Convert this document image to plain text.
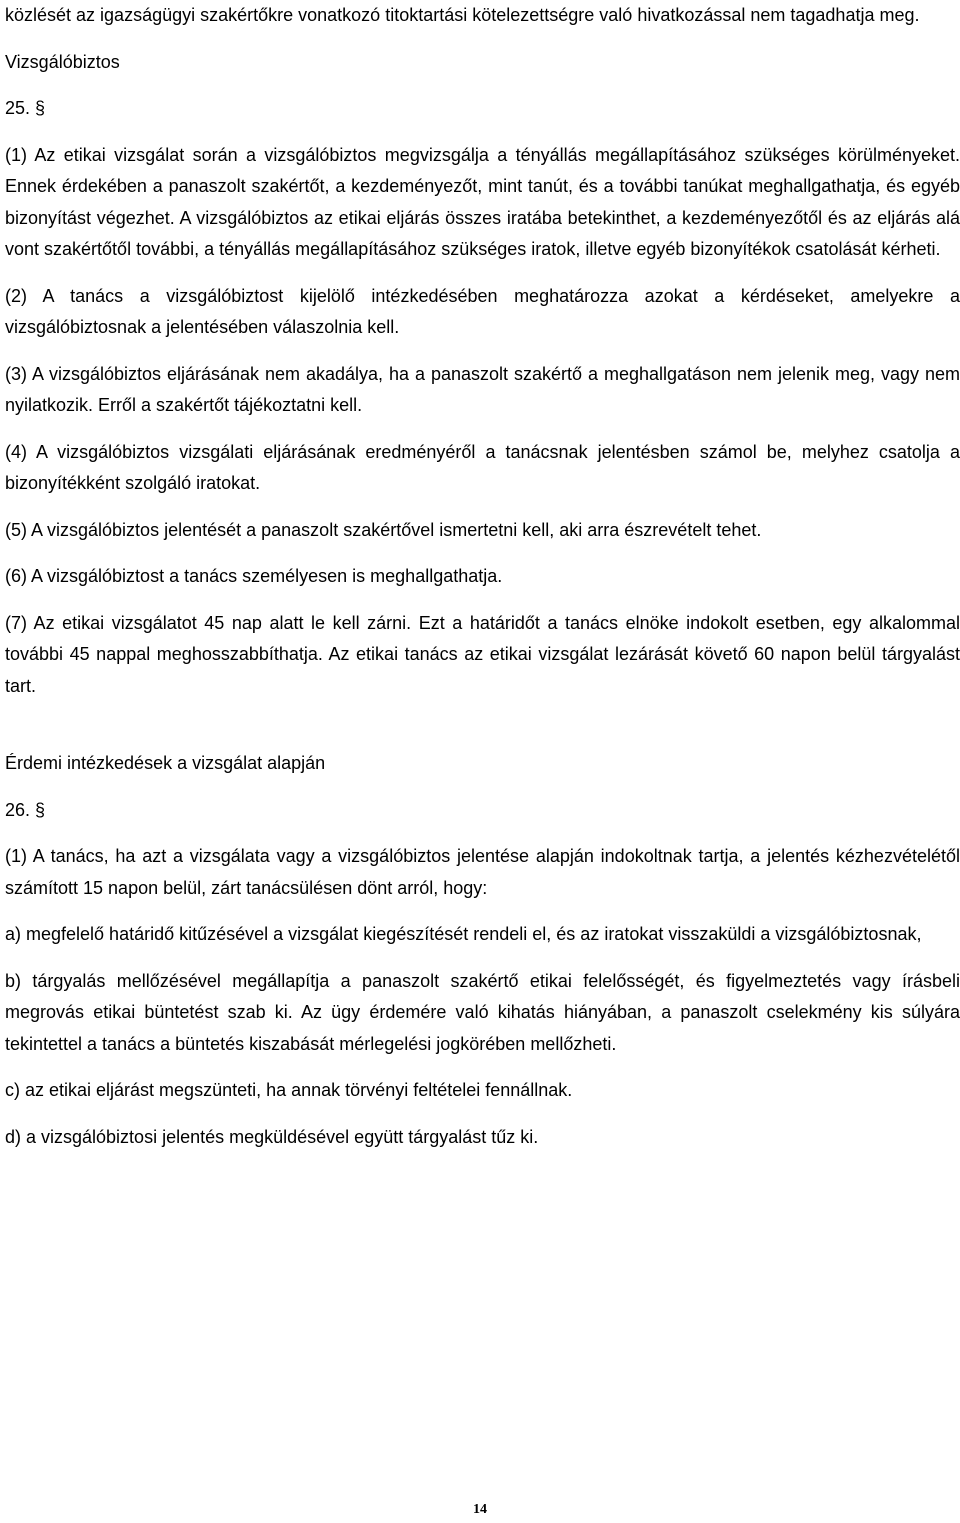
közlését az igazságügyi szakértőkre vonatkozó titoktartási kötelezettségre való hivatkozással nem tagadhatja meg.

Vizsgálóbiztos

25. §

(1) Az etikai vizsgálat során a vizsgálóbiztos megvizsgálja a tényállás megállapításához szükséges körülményeket. Ennek érdekében a panaszolt szakértőt, a kezdeményezőt, mint tanút, és a további tanúkat meghallgathatja, és egyéb bizonyítást végezhet. A vizsgálóbiztos az etikai eljárás összes iratába betekinthet, a kezdeményezőtől és az eljárás alá vont szakértőtől további, a tényállás megállapításához szükséges iratok, illetve egyéb bizonyítékok csatolását kérheti.

(2) A tanács a vizsgálóbiztost kijelölő intézkedésében meghatározza azokat a kérdéseket, amelyekre a vizsgálóbiztosnak a jelentésében válaszolnia kell.

(3) A vizsgálóbiztos eljárásának nem akadálya, ha a panaszolt szakértő a meghallgatáson nem jelenik meg, vagy nem nyilatkozik. Erről a szakértőt tájékoztatni kell.

(4) A vizsgálóbiztos vizsgálati eljárásának eredményéről a tanácsnak jelentésben számol be, melyhez csatolja a bizonyítékként szolgáló iratokat.

(5) A vizsgálóbiztos jelentését a panaszolt szakértővel ismertetni kell, aki arra észrevételt tehet.

(6) A vizsgálóbiztost a tanács személyesen is meghallgathatja.

(7) Az etikai vizsgálatot 45 nap alatt le kell zárni. Ezt a határidőt a tanács elnöke indokolt esetben, egy alkalommal további 45 nappal meghosszabbíthatja. Az etikai tanács az etikai vizsgálat lezárását követő 60 napon belül tárgyalást tart.

Érdemi intézkedések a vizsgálat alapján

26. §

(1) A tanács, ha azt a vizsgálata vagy a vizsgálóbiztos jelentése alapján indokoltnak tartja, a jelentés kézhezvételétől számított 15 napon belül, zárt tanácsülésen dönt arról, hogy:

a) megfelelő határidő kitűzésével a vizsgálat kiegészítését rendeli el, és az iratokat visszaküldi a vizsgálóbiztosnak,

b) tárgyalás mellőzésével megállapítja a panaszolt szakértő etikai felelősségét, és figyelmeztetés vagy írásbeli megrovás etikai büntetést szab ki. Az ügy érdemére való kihatás hiányában, a panaszolt cselekmény kis súlyára tekintettel a tanács a büntetés kiszabását mérlegelési jogkörében mellőzheti.

c) az etikai eljárást megszünteti, ha annak törvényi feltételei fennállnak.

d) a vizsgálóbiztosi jelentés megküldésével együtt tárgyalást tűz ki.

14
